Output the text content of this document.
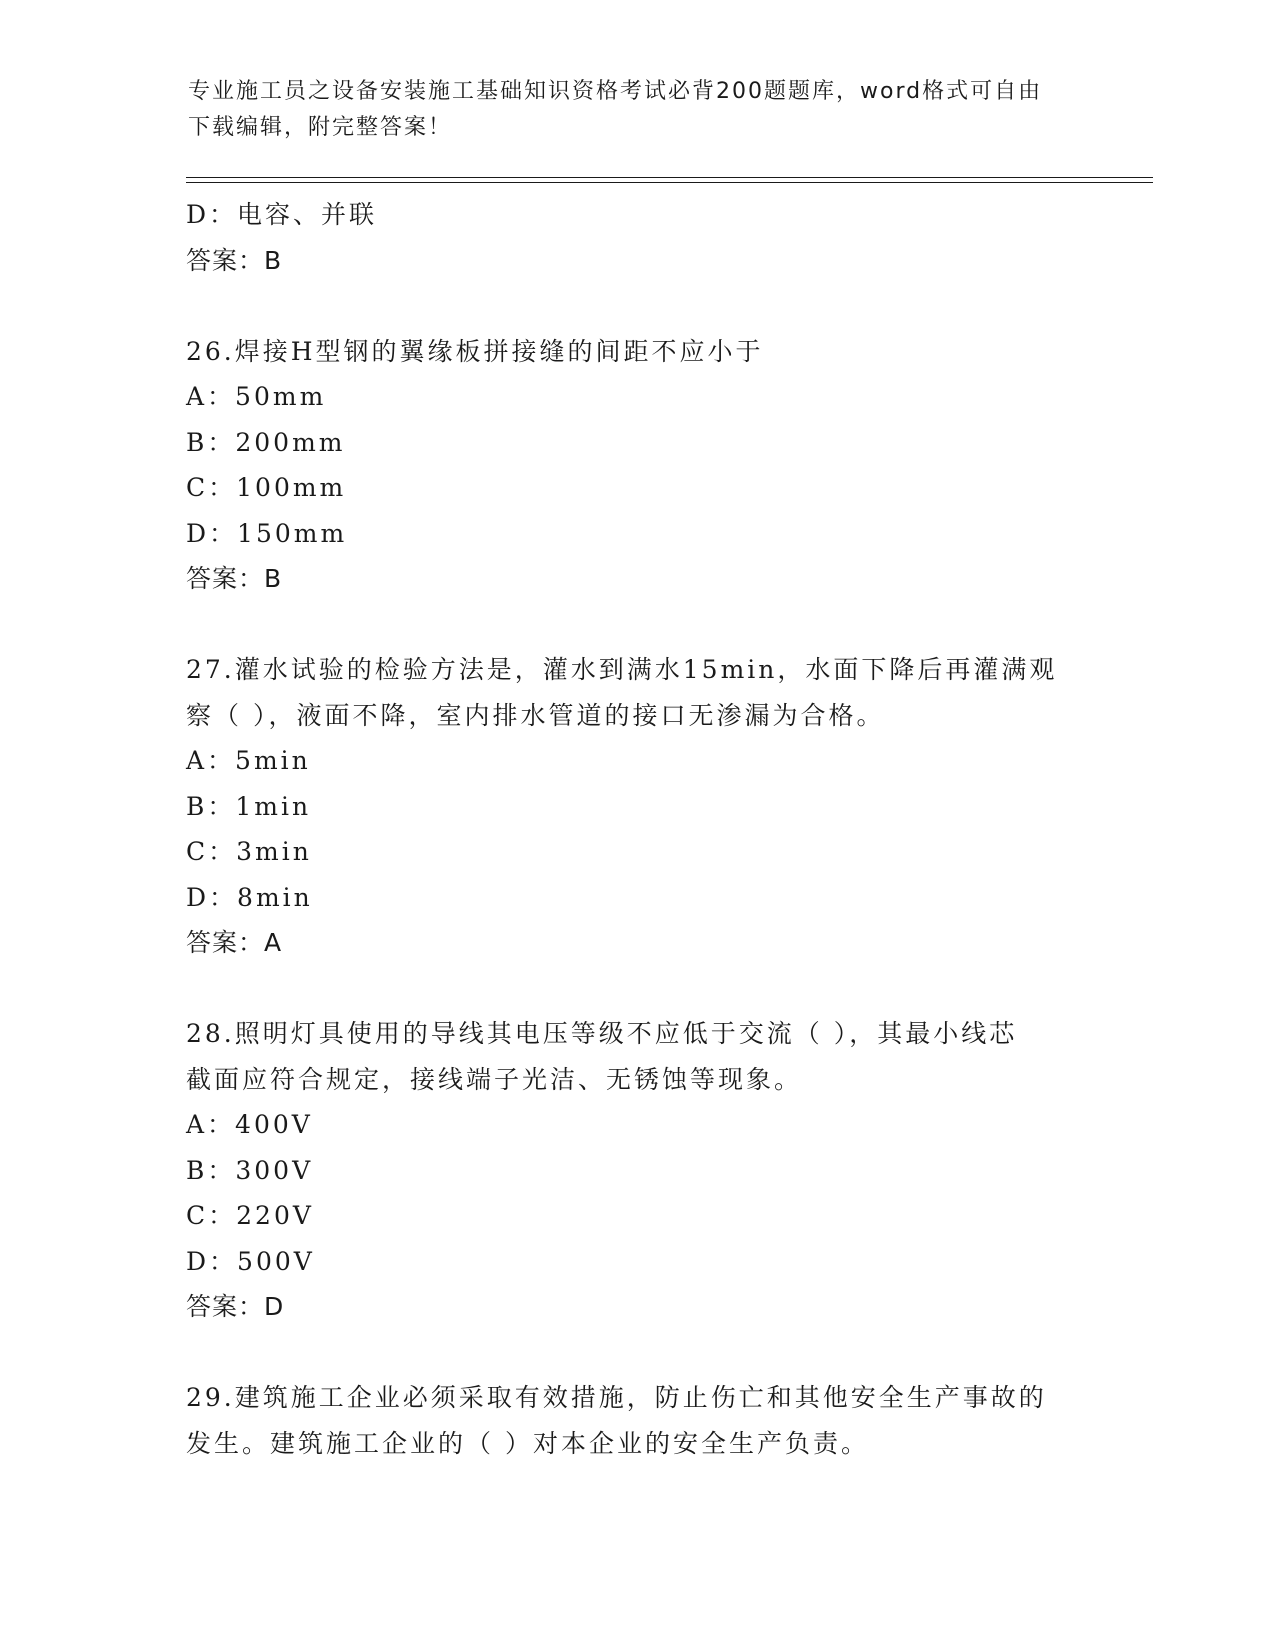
专业施工员之设备安装施工基础知识资格考试必背200题题库，word格式可自由
下载编辑，附完整答案！
D：电容、并联
答案：B
26.焊接H型钢的翼缘板拼接缝的间距不应小于
A：50mm
B：200mm
C：100mm
D：150mm
答案：B
27.灌水试验的检验方法是，灌水到满水15min，水面下降后再灌满观
察（ ），液面不降，室内排水管道的接口无渗漏为合格。
A：5min
B：1min
C：3min
D：8min
答案：A
28.照明灯具使用的导线其电压等级不应低于交流（ ），其最小线芯
截面应符合规定，接线端子光洁、无锈蚀等现象。
A：400V
B：300V
C：220V
D：500V
答案：D
29.建筑施工企业必须采取有效措施，防止伤亡和其他安全生产事故的
发生。建筑施工企业的（ ）对本企业的安全生产负责。
